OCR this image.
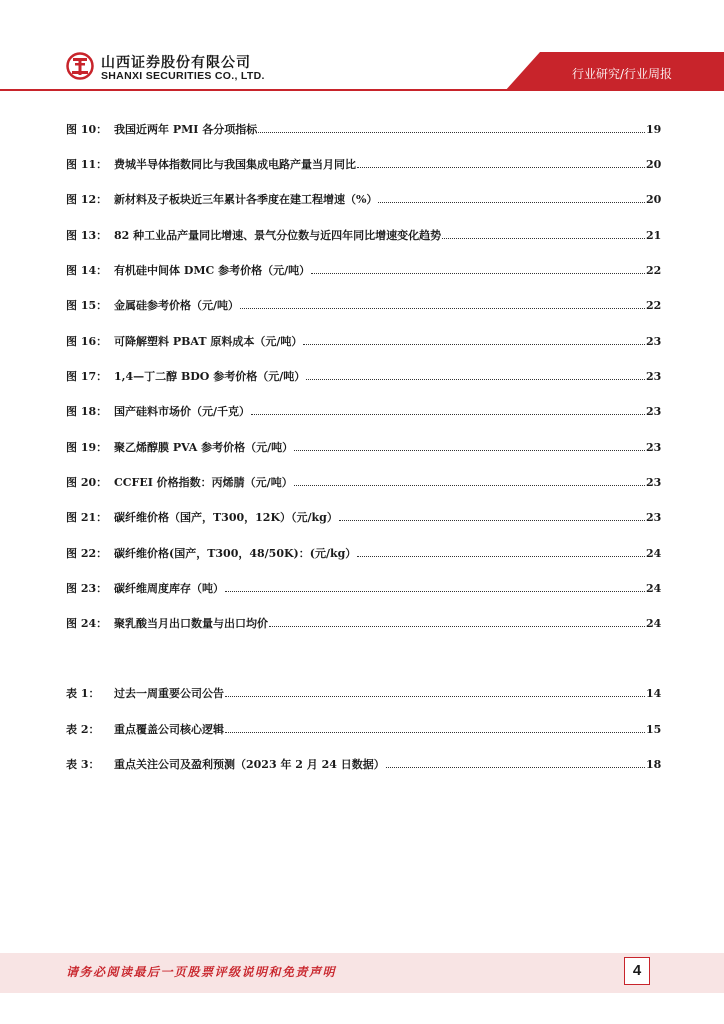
山西证券股份有限公司
SHANXI SECURITIES CO., LTD.	行业研究/行业周报
图 10： 我国近两年 PMI 各分项指标	19
图 11： 费城半导体指数同比与我国集成电路产量当月同比	20
图 12： 新材料及子板块近三年累计各季度在建工程增速（%）	20
图 13： 82 种工业品产量同比增速、景气分位数与近四年同比增速变化趋势	21
图 14： 有机硅中间体 DMC 参考价格（元/吨）	22
图 15： 金属硅参考价格（元/吨）	22
图 16： 可降解塑料 PBAT 原料成本（元/吨）	23
图 17： 1,4—丁二醇 BDO 参考价格（元/吨）	23
图 18： 国产硅料市场价（元/千克）	23
图 19： 聚乙烯醇膜 PVA 参考价格（元/吨）	23
图 20： CCFEI 价格指数：丙烯腈（元/吨）	23
图 21： 碳纤维价格（国产，T300，12K）（元/kg）	23
图 22： 碳纤维价格(国产，T300，48/50K)：(元/kg）	24
图 23： 碳纤维周度库存（吨）	24
图 24： 聚乳酸当月出口数量与出口均价	24
表 1：	过去一周重要公司公告	14
表 2：	重点覆盖公司核心逻辑	15
表 3：	重点关注公司及盈利预测（2023 年 2 月 24 日数据）	18
请务必阅读最后一页股票评级说明和免责声明	4
